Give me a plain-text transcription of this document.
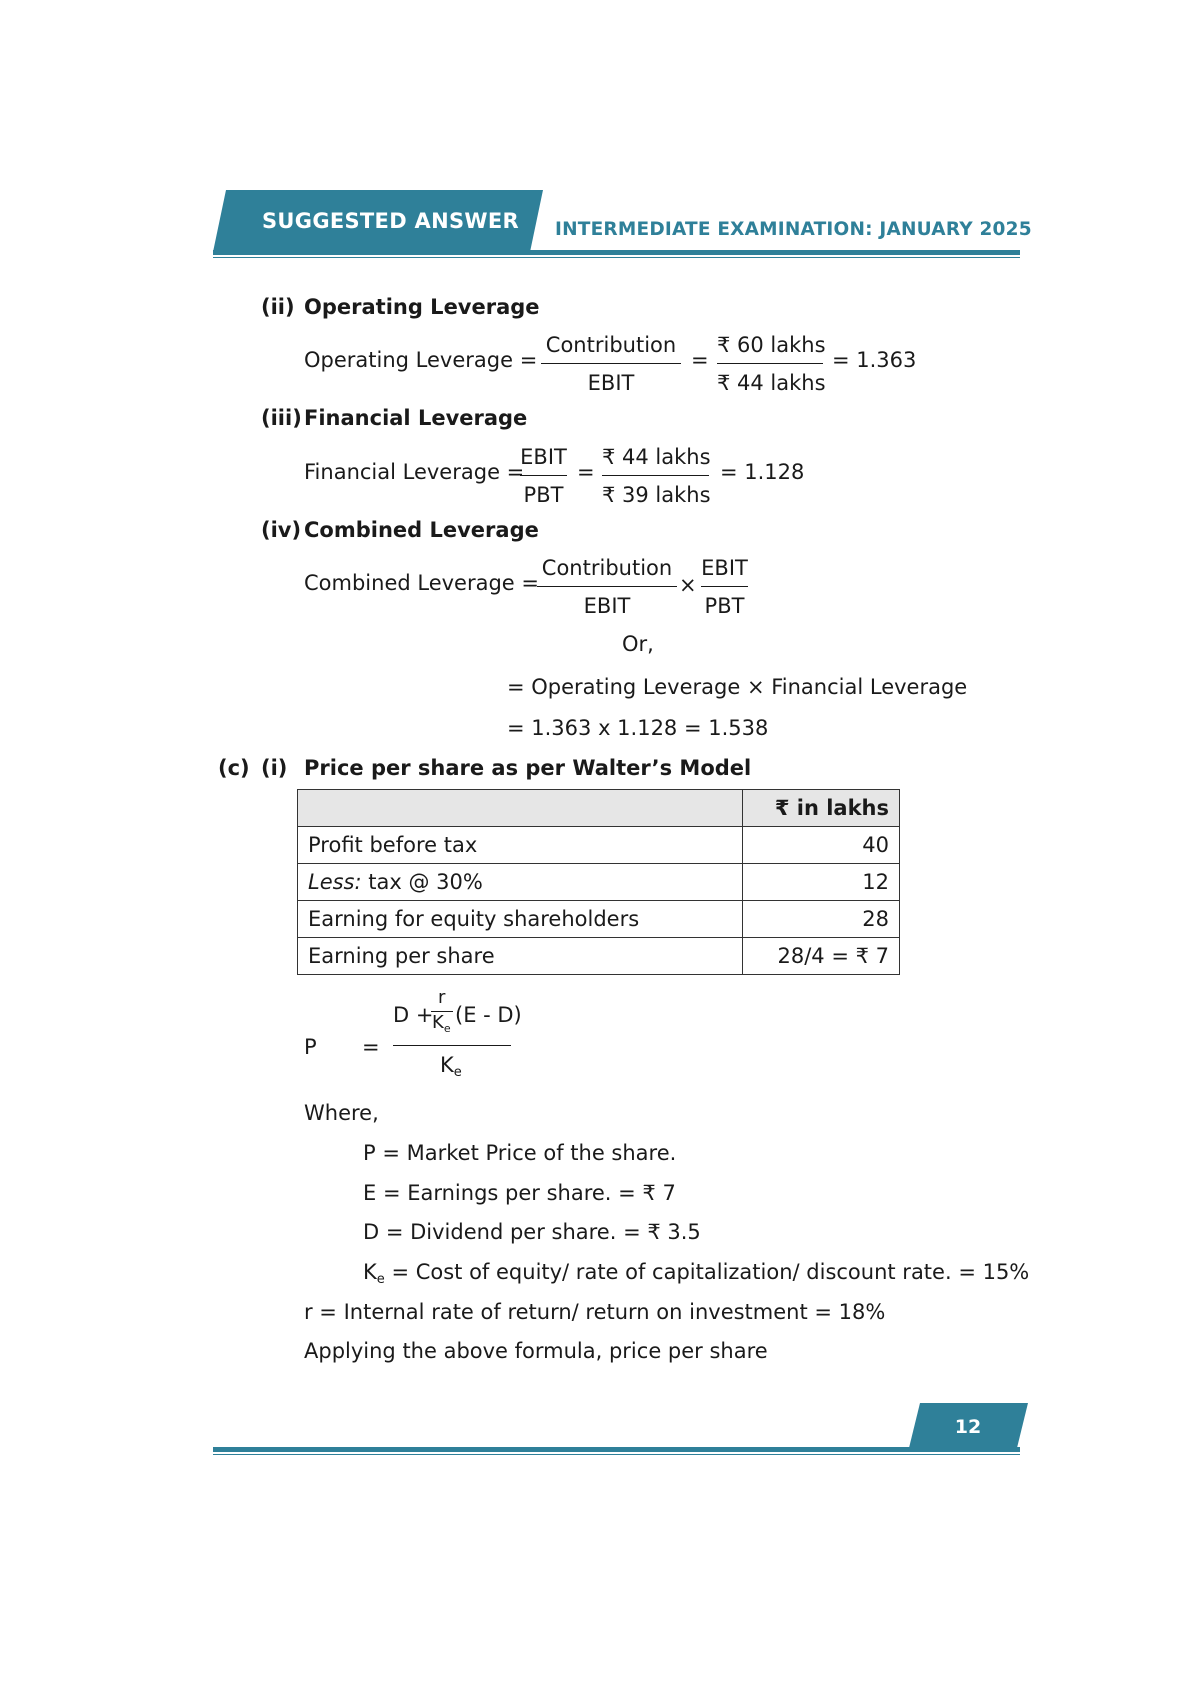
SUGGESTED ANSWER INTERMEDIATE EXAMINATION: JANUARY 2025
(ii) Operating Leverage
Operating Leverage =
Contribution
EBIT
=
₹ 60 lakhs
₹ 44 lakhs
= 1.363
(iii) Financial Leverage
Financial Leverage =
EBIT
PBT
=
₹ 44 lakhs
₹ 39 lakhs
= 1.128
(iv) Combined Leverage
Combined Leverage =
Contribution
EBIT
×
EBIT
PBT
Or,
= Operating Leverage × Financial Leverage
= 1.363 x 1.128 = 1.538
(c) (i) Price per share as per Walter’s Model
	₹ in lakhs
Profit before tax	40
Less: tax @ 30%	12
Earning for equity shareholders	28
Earning per share	28/4 = ₹ 7
P =
D +
r
$K_e$
(E - D)
$K_e$
Where,
P = Market Price of the share.
E = Earnings per share. = ₹ 7
D = Dividend per share. = ₹ 3.5
$K_e$ = Cost of equity/ rate of capitalization/ discount rate. = 15%
r = Internal rate of return/ return on investment = 18%
Applying the above formula, price per share
12
